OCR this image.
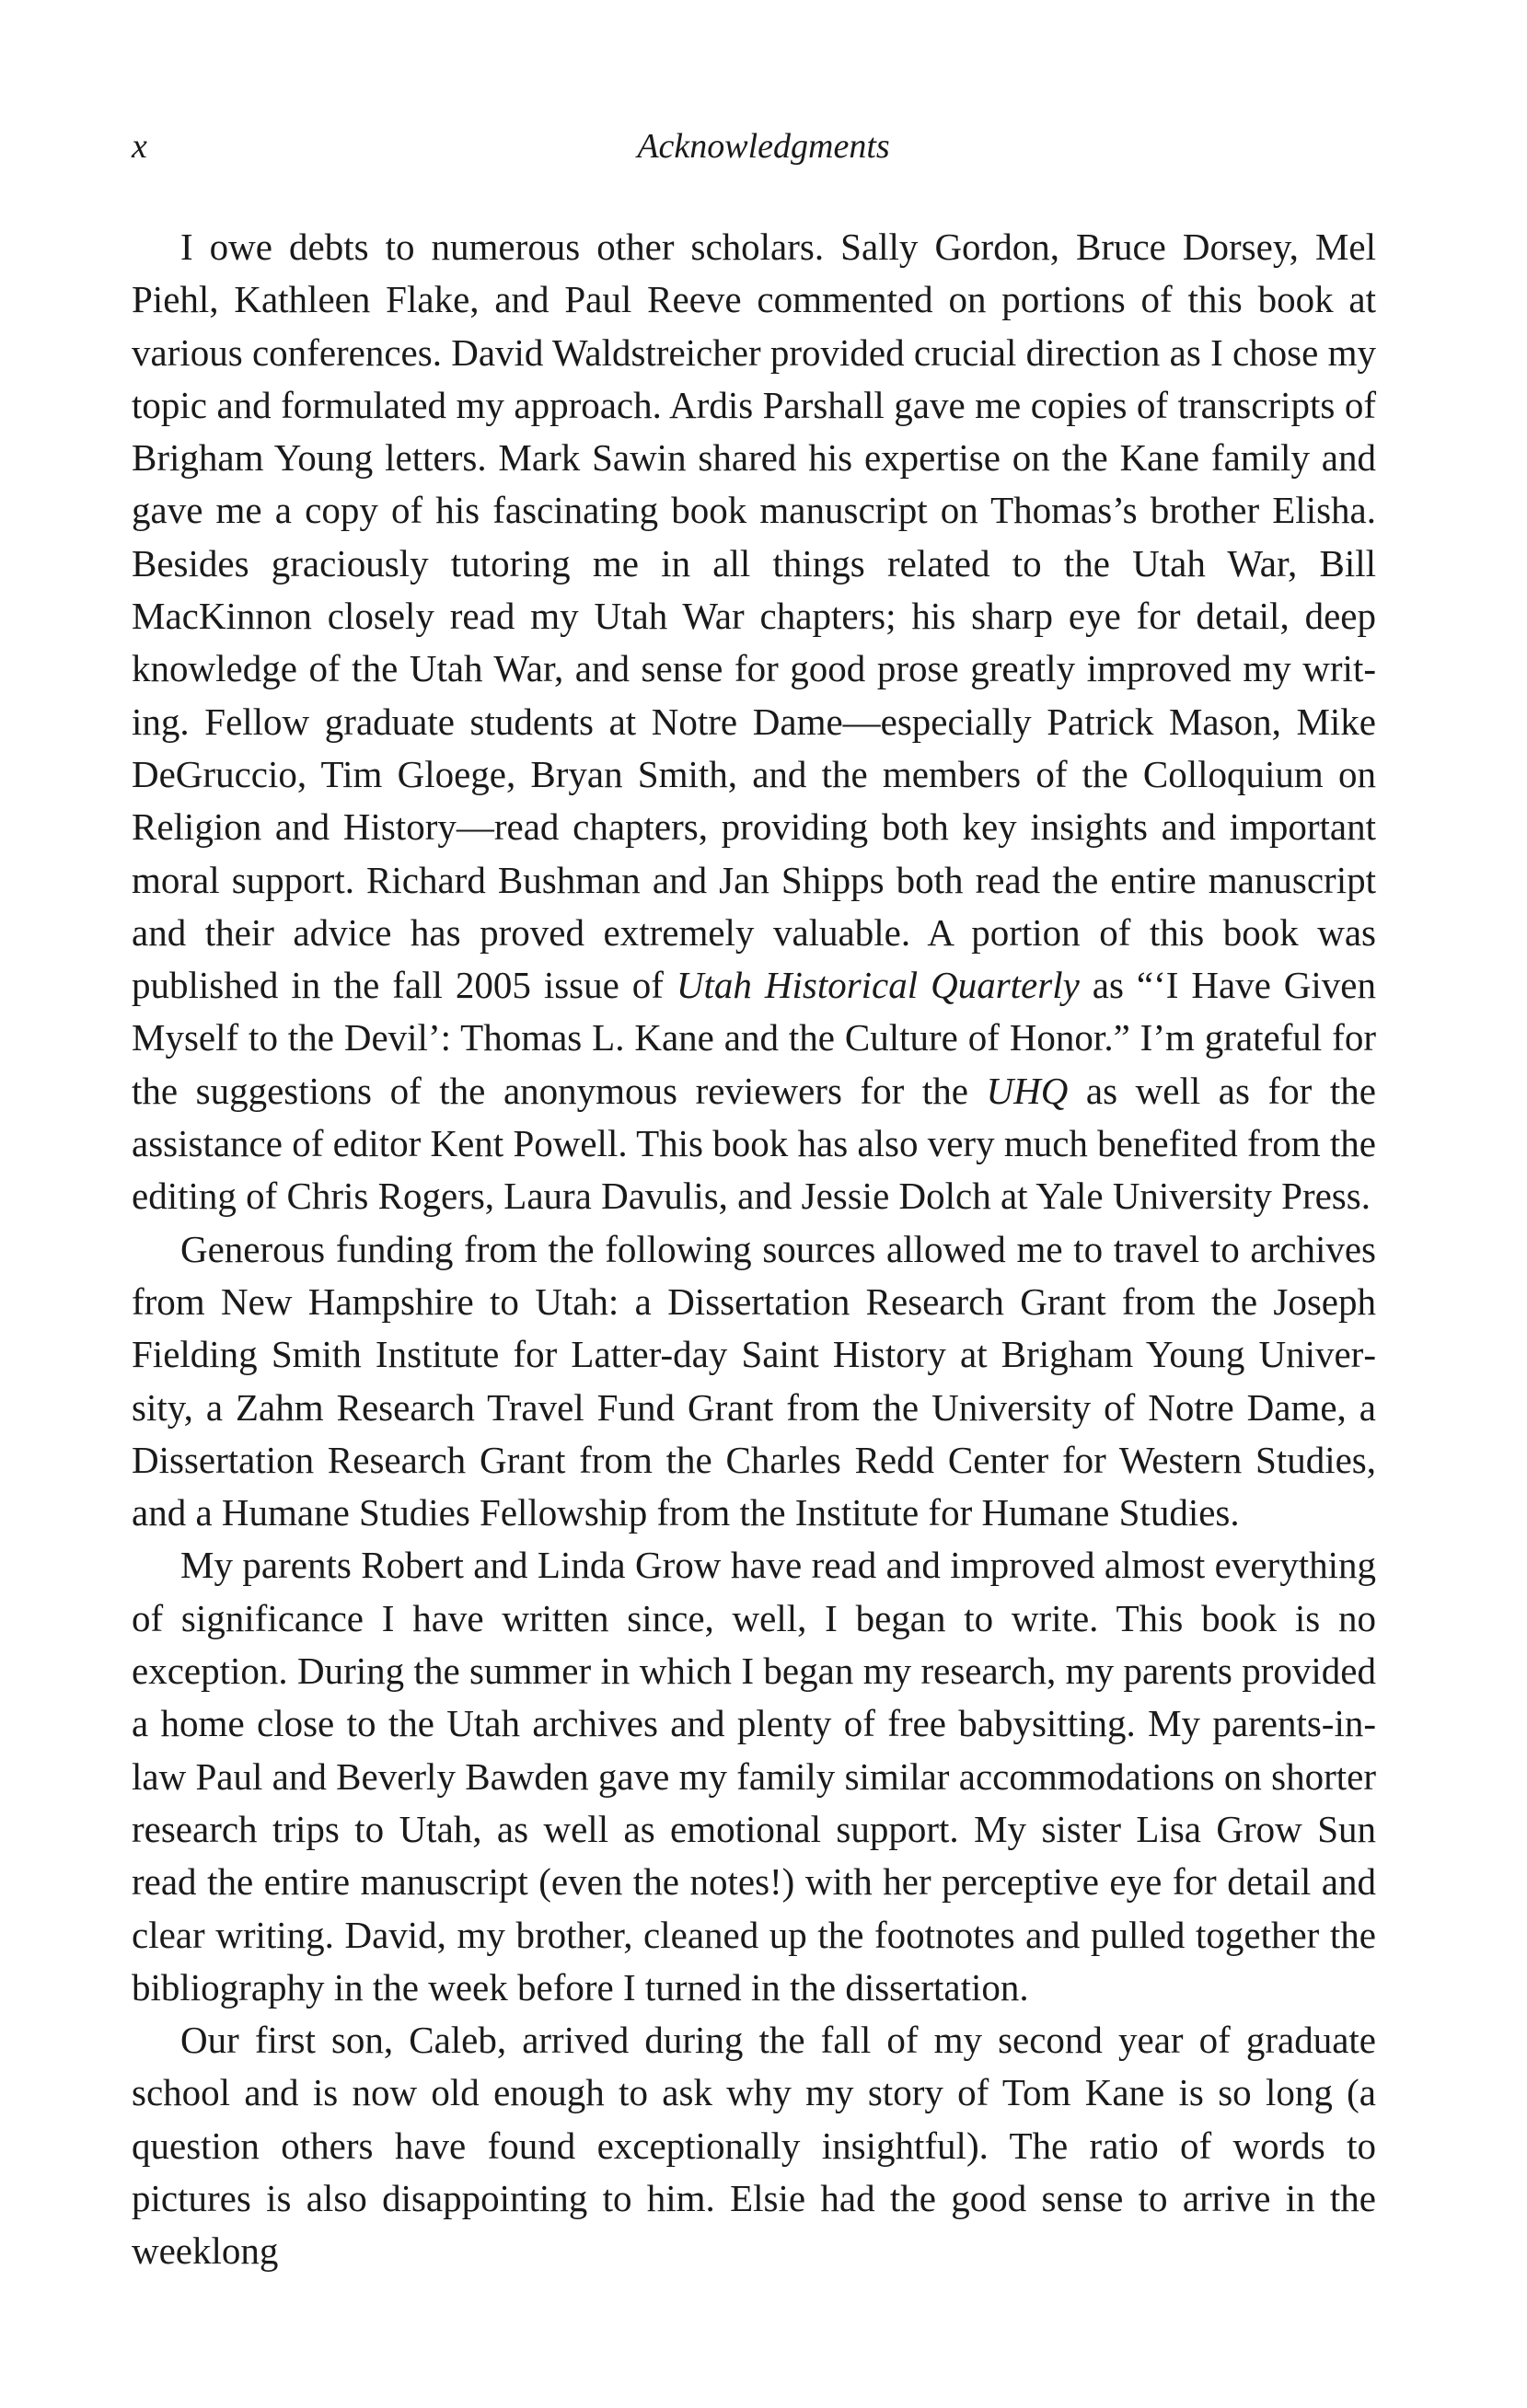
x	Acknowledgments

I owe debts to numerous other scholars. Sally Gordon, Bruce Dorsey, Mel Piehl, Kathleen Flake, and Paul Reeve commented on portions of this book at various conferences. David Waldstreicher provided crucial direction as I chose my topic and formulated my approach. Ardis Parshall gave me copies of transcripts of Brigham Young letters. Mark Sawin shared his expertise on the Kane family and gave me a copy of his fascinating book manuscript on Thomas’s brother Elisha. Besides graciously tutoring me in all things related to the Utah War, Bill MacKinnon closely read my Utah War chapters; his sharp eye for detail, deep knowledge of the Utah War, and sense for good prose greatly improved my writing. Fellow graduate students at Notre Dame—especially Patrick Mason, Mike DeGruccio, Tim Gloege, Bryan Smith, and the members of the Colloquium on Religion and History—read chapters, providing both key insights and important moral support. Richard Bushman and Jan Shipps both read the entire manuscript and their advice has proved extremely valuable. A portion of this book was published in the fall 2005 issue of Utah Historical Quarterly as “‘I Have Given Myself to the Devil’: Thomas L. Kane and the Culture of Honor.” I’m grateful for the suggestions of the anonymous reviewers for the UHQ as well as for the assistance of editor Kent Powell. This book has also very much benefited from the editing of Chris Rogers, Laura Davulis, and Jessie Dolch at Yale University Press.

Generous funding from the following sources allowed me to travel to archives from New Hampshire to Utah: a Dissertation Research Grant from the Joseph Fielding Smith Institute for Latter-day Saint History at Brigham Young University, a Zahm Research Travel Fund Grant from the University of Notre Dame, a Dissertation Research Grant from the Charles Redd Center for Western Studies, and a Humane Studies Fellowship from the Institute for Humane Studies.

My parents Robert and Linda Grow have read and improved almost everything of significance I have written since, well, I began to write. This book is no exception. During the summer in which I began my research, my parents provided a home close to the Utah archives and plenty of free babysitting. My parents-in-law Paul and Beverly Bawden gave my family similar accommodations on shorter research trips to Utah, as well as emotional support. My sister Lisa Grow Sun read the entire manuscript (even the notes!) with her perceptive eye for detail and clear writing. David, my brother, cleaned up the footnotes and pulled together the bibliography in the week before I turned in the dissertation.

Our first son, Caleb, arrived during the fall of my second year of graduate school and is now old enough to ask why my story of Tom Kane is so long (a question others have found exceptionally insightful). The ratio of words to pictures is also disappointing to him. Elsie had the good sense to arrive in the weeklong
